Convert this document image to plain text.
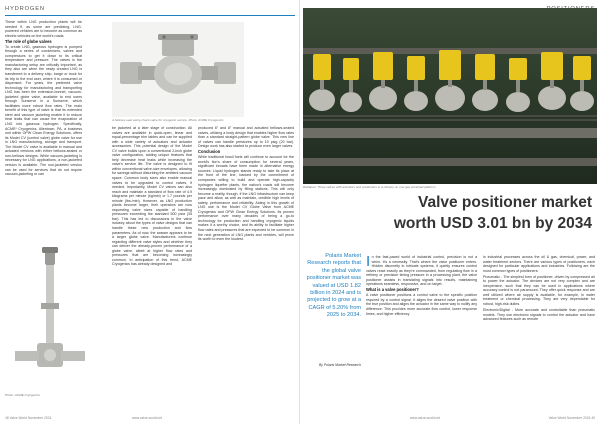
HYDROGEN

These within LNG production plants will be needed if, as some are predicting, LNG-powered vehicles are to become as common as electric vehicles on the world's roads.

The role of globe valves

To create LNG, gaseous hydrogen is pumped through a series of condensers, valves and compressors to get it down to its critical temperature and pressure. The valves in the manufacturing setup are critically important, as they also are when the newly created LNG is transferred to a delivery ship, barge or truck for its trip to the end user, where it is consumed or dispensed. For years, the preferred valve technology for manufacturing and transporting LNG has been the extension-bonnet, vacuum-jacketed globe valve, available to end users through Sunserve in a Sunserve, which facilitates more robust flow rates. The main benefit of this type of valve is that its extended stem and vacuum jacketing enable it to reduce heat leaks that can cause the evaporation of LNG into gaseous hydrogen. Specifically, ACME* Cryogenics, Allentown, PA, a business unit within OPW Clean Energy Solutions, offers its Model CV (control valve) globe valve for use in LNG manufacturing, storage and transport. The Model CV valve is available in manual and actuated versions with either bellows-sealed or non-bellows designs. While vacuum-jacketing is necessary for LNG applications, a non-jacketed version is available. The non-jacketed version can be used for services that do not require vacuum-jacketing or can

A bellows-seal swing check valve for cryogenic service. Photo: ACME Cryogenics
Photo: ACME Cryogenics

be jacketed at a later stage of construction. All valves are available in quick-open, linear and equal-percentage trim tables and can be supplied with a wide variety of actuators and actuator accessories. This potential design of the Model CV valve builds upon a conventional 2-inch globe valve configuration, adding unique features that help decrease heat leaks while increasing the valve's service life. The valve is designed to fit within conventional valve-size envelopes, allowing for savings without disturbing the ambient vacuum space. Common body sizes also enable manual valves to be upgraded to control valves, if needed. Importantly, Model CV valves can also reach and maintain a standard of flow rate of 4.9 kilograms per minute (kg/min) or 1.7 pounds per minute (lbs./min). However, as LNG production plants become larger, their operators are now requesting valve sizes capable of handling pressures exceeding the standard 500 psia (35 bar). This has led to discussions in the valve industry about the types of valve designs that can handle these new production and flow parameters. As of now, the answer appears to be a larger globe valve. Manufacturers continue regarding different valve styles and whether they can deliver the already-proven performance of a globe valve, albeit at higher flow rates and pressures that are becoming increasingly common. In anticipation of this trend, ACME Cryogenics has already designed and

produced 6" and 8" manual and actuated bellows-sealed valves, utilizing a body design that enables higher flow rates than a standard straight-pattern globe valve. This new line of valves can handle pressures up to 10 psig (20 bar). Design work has also started to produce even larger valves.

Conclusion

While traditional fossil fuels will continue to account for the world's lion's share of consumption for several years, significant inroads have been made in alternative energy sources. Liquid hydrogen stands ready to take its place at the front of the line, backed by the commitment of companies willing to build and operate high-capacity hydrogen liquefier plants, the nation's roads will become increasingly dominated by filling stations. This will only become a reality, though, if the LNG infrastructure can keep pace and allow, as well as maintain, credible high levels of safety, performance and reliability. Aiding in this growth of LNG use is the Model CV Globe Valve from ACME Cryogenics and OPW Clean Energy Solutions. Its proven performance over many decades of being a go-to technology for production and handling cryogenic liquids makes it a worthy choice, and its ability to facilitate higher flow rates and pressures that are expected to be common in the next generation of LNG plants and vehicles, will prove its worth to even the loudest.

48 Valve World November 2024	www.valve-world.net
Rathauer: Three valves with actuators and positioners in a refinery on one gas workload platform
Valve positioner market worth USD 3.01 bn by 2034
Polaris Market Research reports that the global valve positioner market was valued at USD 1.82 billion in 2024 and is projected to grow at a CAGR of 5.20% from 2025 to 2034.
By Polaris Market Research

In the fast-paced world of industrial control, precision is not a whim. It's a necessity. That's where the valve positioner enters. Hidden discreetly in intricate systems, it quietly ensures control valves react exactly as they're commanded, from regulating flow in a refinery or precision timing pressure in a processing plant, the valve positioner assists in translating signals into results, maintaining operations seamless, responsive, and on target.

What is a valve positioner?

A valve positioner positions a control valve to the specific position required by a control signal. It aligns the desired valve position with the true position and aligns the actuator in the same way to nullify any difference. This provides more accurate flow control, lower response times, and higher efficiency

in industrial processes across the oil & gas, chemical, power, and water treatment sectors. There are various types of positioners, each designed for particular applications and industries. Following are the most common types of positioners:

Pneumatic - The simplest form of positioner, driven by compressed air to power the actuator. The devices are not very complex and are inexpensive, such that they can be used in applications where accuracy control is not paramount. They offer quick response and are well utilized where air supply is available, for example, in water treatment or chemical processing. They are very dependable for robust, high-risk duties.

Electronic/Digital - More accurate and controllable than pneumatic models. They use electronic signals to control the actuator and have advanced features such as remote

www.valve-world.net	Valve World November 2024 49
